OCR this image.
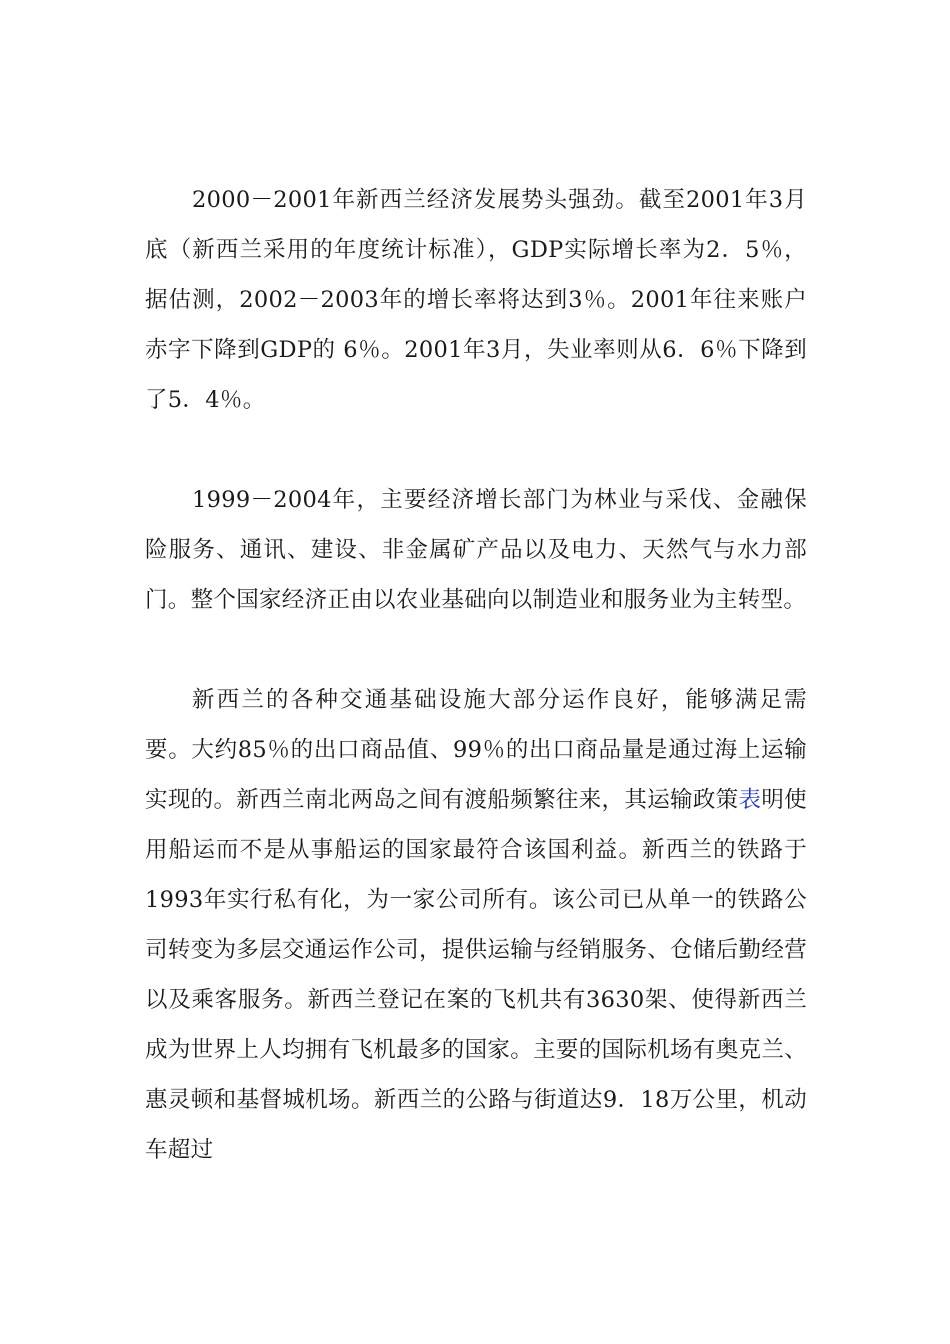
2000－2001年新西兰经济发展势头强劲。截至2001年3月底（新西兰采用的年度统计标准），GDP实际增长率为2．5％，据估测，2002－2003年的增长率将达到3％。2001年往来账户赤字下降到GDP的 6％。2001年3月，失业率则从6．6％下降到了5．4％。

1999－2004年，主要经济增长部门为林业与采伐、金融保险服务、通讯、建设、非金属矿产品以及电力、天然气与水力部门。整个国家经济正由以农业基础向以制造业和服务业为主转型。

新西兰的各种交通基础设施大部分运作良好，能够满足需要。大约85％的出口商品值、99％的出口商品量是通过海上运输实现的。新西兰南北两岛之间有渡船频繁往来，其运输政策表明使用船运而不是从事船运的国家最符合该国利益。新西兰的铁路于1993年实行私有化，为一家公司所有。该公司已从单一的铁路公司转变为多层交通运作公司，提供运输与经销服务、仓储后勤经营以及乘客服务。新西兰登记在案的飞机共有3630架、使得新西兰成为世界上人均拥有飞机最多的国家。主要的国际机场有奥克兰、惠灵顿和基督城机场。新西兰的公路与街道达9．18万公里，机动车超过
